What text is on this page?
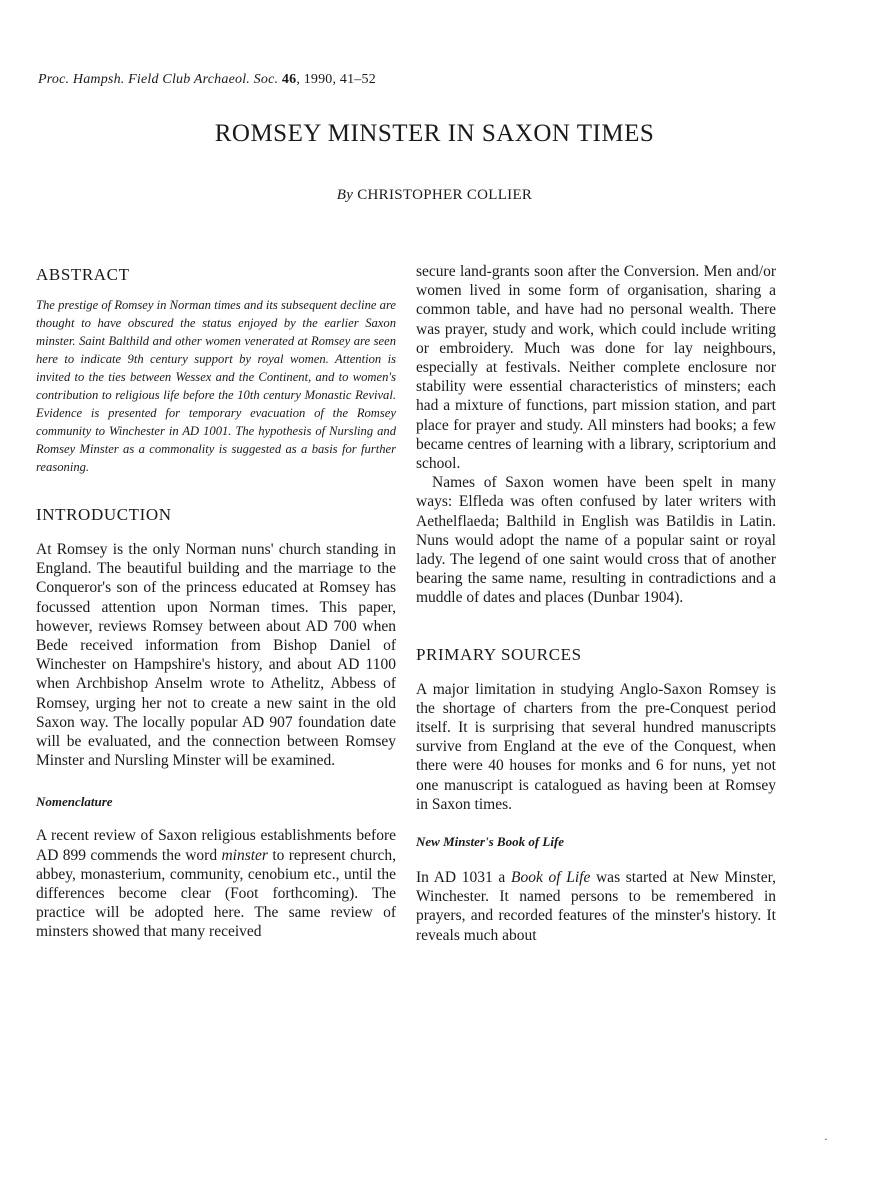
Proc. Hampsh. Field Club Archaeol. Soc. 46, 1990, 41–52
ROMSEY MINSTER IN SAXON TIMES
By CHRISTOPHER COLLIER
ABSTRACT

The prestige of Romsey in Norman times and its subsequent decline are thought to have obscured the status enjoyed by the earlier Saxon minster. Saint Balthild and other women venerated at Romsey are seen here to indicate 9th century support by royal women. Attention is invited to the ties between Wessex and the Continent, and to women's contribution to religious life before the 10th century Monastic Revival. Evidence is presented for temporary evacuation of the Romsey community to Winchester in AD 1001. The hypothesis of Nursling and Romsey Minster as a commonality is suggested as a basis for further reasoning.

INTRODUCTION

At Romsey is the only Norman nuns' church standing in England. The beautiful building and the marriage to the Conqueror's son of the princess educated at Romsey has focussed attention upon Norman times. This paper, however, reviews Romsey between about AD 700 when Bede received information from Bishop Daniel of Winchester on Hampshire's history, and about AD 1100 when Archbishop Anselm wrote to Athelitz, Abbess of Romsey, urging her not to create a new saint in the old Saxon way. The locally popular AD 907 foundation date will be evaluated, and the connection between Romsey Minster and Nursling Minster will be examined.

Nomenclature

A recent review of Saxon religious establishments before AD 899 commends the word minster to represent church, abbey, monasterium, community, cenobium etc., until the differences become clear (Foot forthcoming). The practice will be adopted here. The same review of minsters showed that many received

secure land-grants soon after the Conversion. Men and/or women lived in some form of organisation, sharing a common table, and have had no personal wealth. There was prayer, study and work, which could include writing or embroidery. Much was done for lay neighbours, especially at festivals. Neither complete enclosure nor stability were essential characteristics of minsters; each had a mixture of functions, part mission station, and part place for prayer and study. All minsters had books; a few became centres of learning with a library, scriptorium and school.

Names of Saxon women have been spelt in many ways: Elfleda was often confused by later writers with Aethelflaeda; Balthild in English was Batildis in Latin. Nuns would adopt the name of a popular saint or royal lady. The legend of one saint would cross that of another bearing the same name, resulting in contradictions and a muddle of dates and places (Dunbar 1904).

PRIMARY SOURCES

A major limitation in studying Anglo-Saxon Romsey is the shortage of charters from the pre-Conquest period itself. It is surprising that several hundred manuscripts survive from England at the eve of the Conquest, when there were 40 houses for monks and 6 for nuns, yet not one manuscript is catalogued as having been at Romsey in Saxon times.

New Minster's Book of Life

In AD 1031 a Book of Life was started at New Minster, Winchester. It named persons to be remembered in prayers, and recorded features of the minster's history. It reveals much about

·
